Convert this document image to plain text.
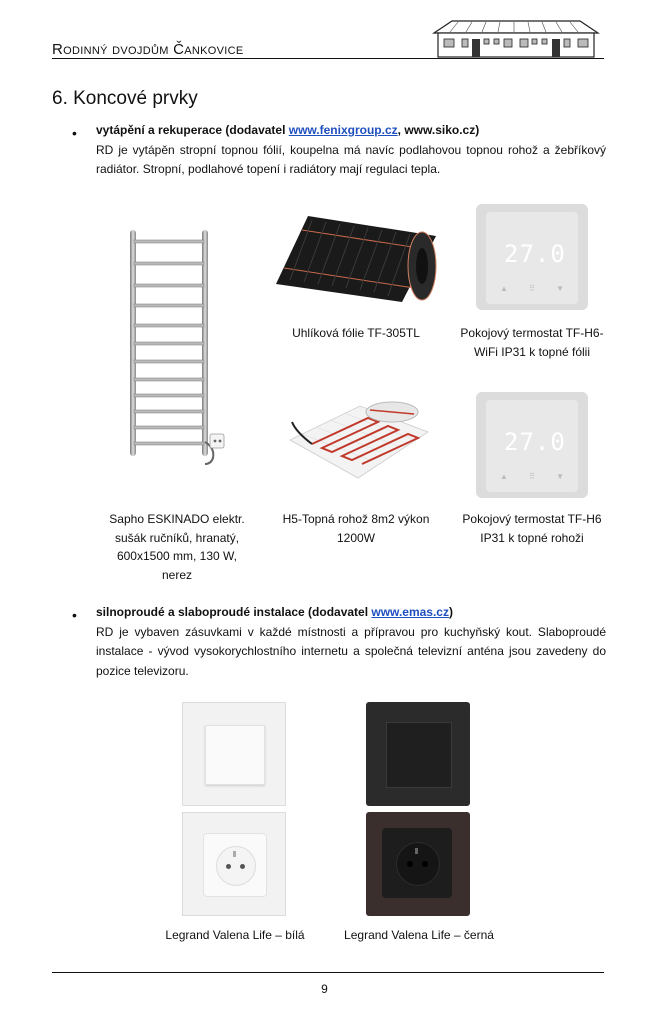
Rodinný dvojdům Čankovice
6. Koncové prvky
• vytápění a rekuperace (dodavatel www.fenixgroup.cz, www.siko.cz)
RD je vytápěn stropní topnou fólií, koupelna má navíc podlahovou topnou rohož a žebříkový radiátor. Stropní, podlahové topení i radiátory mají regulaci tepla.
Uhlíková fólie TF-305TL
27.0
▲	⠿	▼
Pokojový termostat TF-H6-WiFi IP31 k topné fólii
H5-Topná rohož 8m2 výkon 1200W
27.0
▲	⠿	▼
Pokojový termostat TF-H6 IP31 k topné rohoži
Sapho ESKINADO elektr. sušák ručníků, hranatý, 600x1500 mm, 130 W, nerez
• silnoproudé a slaboproudé instalace (dodavatel www.emas.cz)
RD je vybaven zásuvkami v každé místnosti a přípravou pro kuchyňský kout. Slaboproudé instalace - vývod vysokorychlostního internetu a společná televizní anténa jsou zavedeny do pozice televizoru.
Legrand Valena Life – bílá	Legrand Valena Life – černá
9
